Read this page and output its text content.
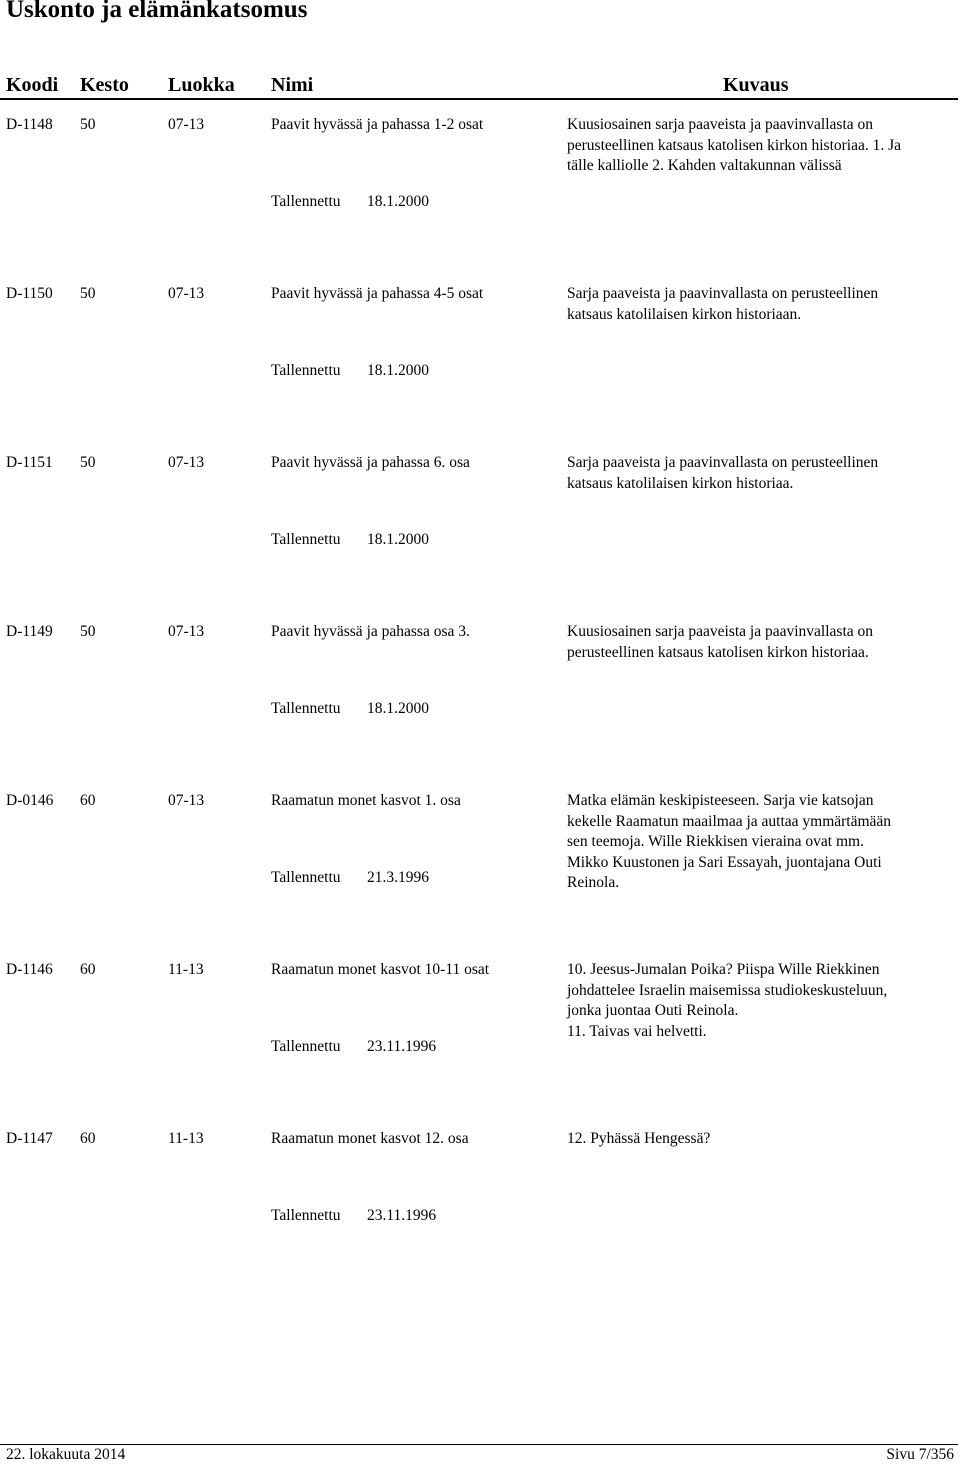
Uskonto ja elämänkatsomus
Koodi Kesto Luokka Nimi	Kuvaus
D-1148 50	07-13	Paavit hyvässä ja pahassa 1-2 osat	Kuusiosainen sarja paaveista ja paavinvallasta on
perusteellinen katsaus katolisen kirkon historiaa. 1. Ja
tälle kalliolle 2. Kahden valtakunnan välissä
Tallennettu 18.1.2000
D-1150 50	07-13	Paavit hyvässä ja pahassa 4-5 osat	Sarja paaveista ja paavinvallasta on perusteellinen
katsaus katolilaisen kirkon historiaan.
Tallennettu 18.1.2000
D-1151 50	07-13	Paavit hyvässä ja pahassa 6. osa	Sarja paaveista ja paavinvallasta on perusteellinen
katsaus katolilaisen kirkon historiaa.
Tallennettu 18.1.2000
D-1149 50	07-13	Paavit hyvässä ja pahassa osa 3.	Kuusiosainen sarja paaveista ja paavinvallasta on
perusteellinen katsaus katolisen kirkon historiaa.
Tallennettu 18.1.2000
D-0146 60	07-13	Raamatun monet kasvot 1. osa	Matka elämän keskipisteeseen. Sarja vie katsojan
kekelle Raamatun maailmaa ja auttaa ymmärtämään
sen teemoja. Wille Riekkisen vieraina ovat mm.
Mikko Kuustonen ja Sari Essayah, juontajana Outi
Reinola.
Tallennettu 21.3.1996
D-1146 60	11-13	Raamatun monet kasvot 10-11 osat	10. Jeesus-Jumalan Poika? Piispa Wille Riekkinen
johdattelee Israelin maisemissa studiokeskusteluun,
jonka juontaa Outi Reinola.
11. Taivas vai helvetti.
Tallennettu 23.11.1996
D-1147 60	11-13	Raamatun monet kasvot 12. osa	12. Pyhässä Hengessä?
Tallennettu 23.11.1996
22. lokakuuta 2014	Sivu 7/356
